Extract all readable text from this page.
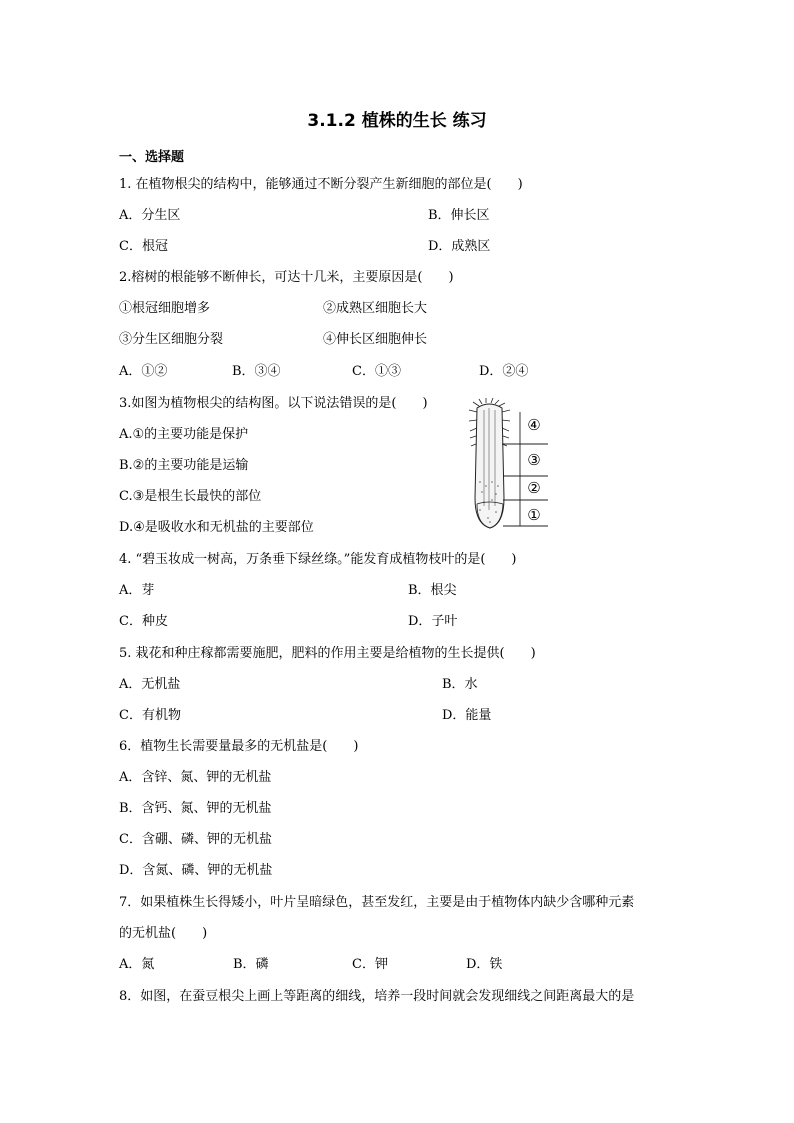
3.1.2 植株的生长 练习
一、选择题
1. 在植物根尖的结构中，能够通过不断分裂产生新细胞的部位是(　　)
A．分生区	B．伸长区
C．根冠	D．成熟区
2.榕树的根能够不断伸长，可达十几米，主要原因是(　　)
①根冠细胞增多	②成熟区细胞长大
③分生区细胞分裂	④伸长区细胞伸长
A．①②	B．③④	C．①③	D．②④
3.如图为植物根尖的结构图。以下说法错误的是(　　)
A.①的主要功能是保护
B.②的主要功能是运输
C.③是根生长最快的部位
D.④是吸收水和无机盐的主要部位
④
③
②
①
4. “碧玉妆成一树高，万条垂下绿丝绦。”能发育成植物枝叶的是(　　)
A．芽	B．根尖
C．种皮	D．子叶
5. 栽花和种庄稼都需要施肥，肥料的作用主要是给植物的生长提供(　　)
A．无机盐	B．水
C．有机物	D．能量
6．植物生长需要量最多的无机盐是(　　)
A．含锌、氮、钾的无机盐
B．含钙、氮、钾的无机盐
C．含硼、磷、钾的无机盐
D．含氮、磷、钾的无机盐
7．如果植株生长得矮小，叶片呈暗绿色，甚至发红，主要是由于植物体内缺少含哪种元素
的无机盐(　　)
A．氮	B．磷	C．钾	D．铁
8．如图，在蚕豆根尖上画上等距离的细线，培养一段时间就会发现细线之间距离最大的是
